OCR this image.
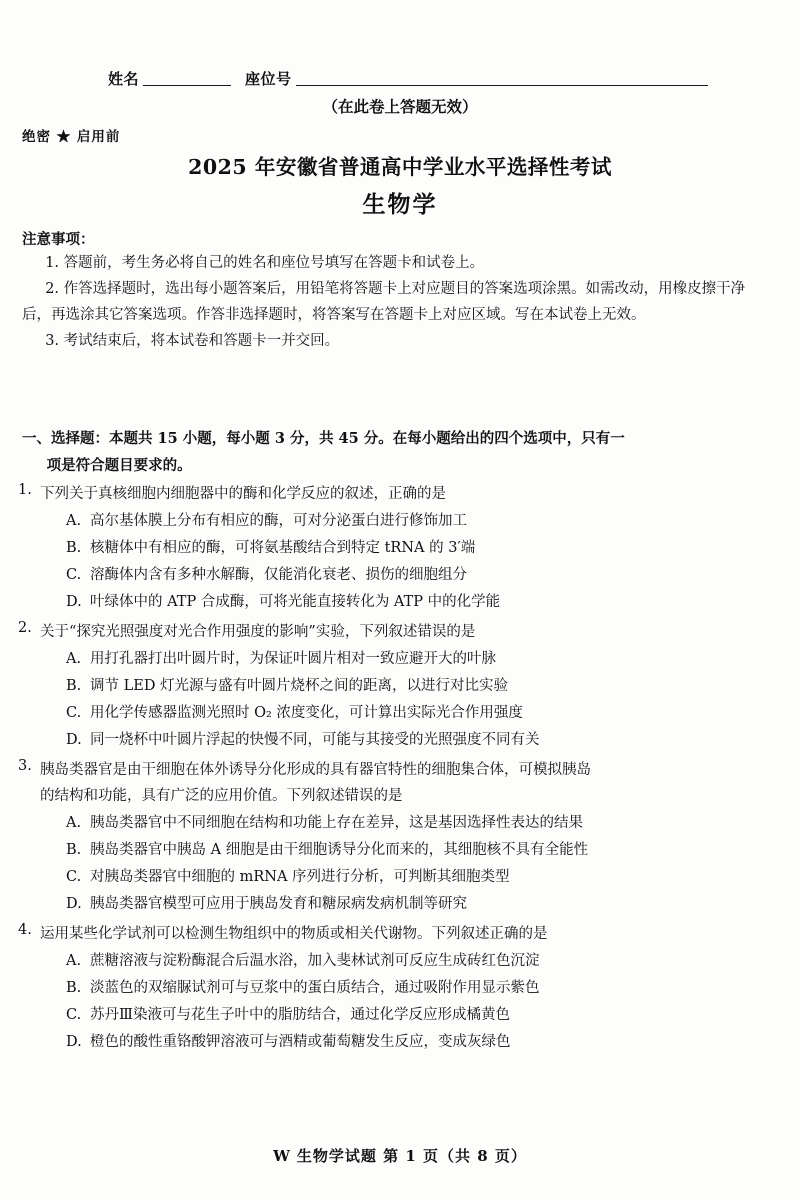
姓名	座位号
（在此卷上答题无效）
绝密 ★ 启用前
2025 年安徽省普通高中学业水平选择性考试
生物学
注意事项：

1. 答题前，考生务必将自己的姓名和座位号填写在答题卡和试卷上。

2. 作答选择题时，选出每小题答案后，用铅笔将答题卡上对应题目的答案选项涂黑。如需改动，用橡皮擦干净后，再选涂其它答案选项。作答非选择题时，将答案写在答题卡上对应区域。写在本试卷上无效。

3. 考试结束后，将本试卷和答题卡一并交回。

一、选择题：本题共 15 小题，每小题 3 分，共 45 分。在每小题给出的四个选项中，只有一
项是符合题目要求的。
1. 下列关于真核细胞内细胞器中的酶和化学反应的叙述，正确的是
A. 高尔基体膜上分布有相应的酶，可对分泌蛋白进行修饰加工
B. 核糖体中有相应的酶，可将氨基酸结合到特定 tRNA 的 3′端
C. 溶酶体内含有多种水解酶，仅能消化衰老、损伤的细胞组分
D. 叶绿体中的 ATP 合成酶，可将光能直接转化为 ATP 中的化学能
2. 关于“探究光照强度对光合作用强度的影响”实验，下列叙述错误的是
A. 用打孔器打出叶圆片时，为保证叶圆片相对一致应避开大的叶脉
B. 调节 LED 灯光源与盛有叶圆片烧杯之间的距离，以进行对比实验
C. 用化学传感器监测光照时 O₂ 浓度变化，可计算出实际光合作用强度
D. 同一烧杯中叶圆片浮起的快慢不同，可能与其接受的光照强度不同有关
3. 胰岛类器官是由干细胞在体外诱导分化形成的具有器官特性的细胞集合体，可模拟胰岛
的结构和功能，具有广泛的应用价值。下列叙述错误的是
A. 胰岛类器官中不同细胞在结构和功能上存在差异，这是基因选择性表达的结果
B. 胰岛类器官中胰岛 A 细胞是由干细胞诱导分化而来的，其细胞核不具有全能性
C. 对胰岛类器官中细胞的 mRNA 序列进行分析，可判断其细胞类型
D. 胰岛类器官模型可应用于胰岛发育和糖尿病发病机制等研究
4. 运用某些化学试剂可以检测生物组织中的物质或相关代谢物。下列叙述正确的是
A. 蔗糖溶液与淀粉酶混合后温水浴，加入斐林试剂可反应生成砖红色沉淀
B. 淡蓝色的双缩脲试剂可与豆浆中的蛋白质结合，通过吸附作用显示紫色
C. 苏丹Ⅲ染液可与花生子叶中的脂肪结合，通过化学反应形成橘黄色
D. 橙色的酸性重铬酸钾溶液可与酒精或葡萄糖发生反应，变成灰绿色
W 生物学试题 第 1 页（共 8 页）
